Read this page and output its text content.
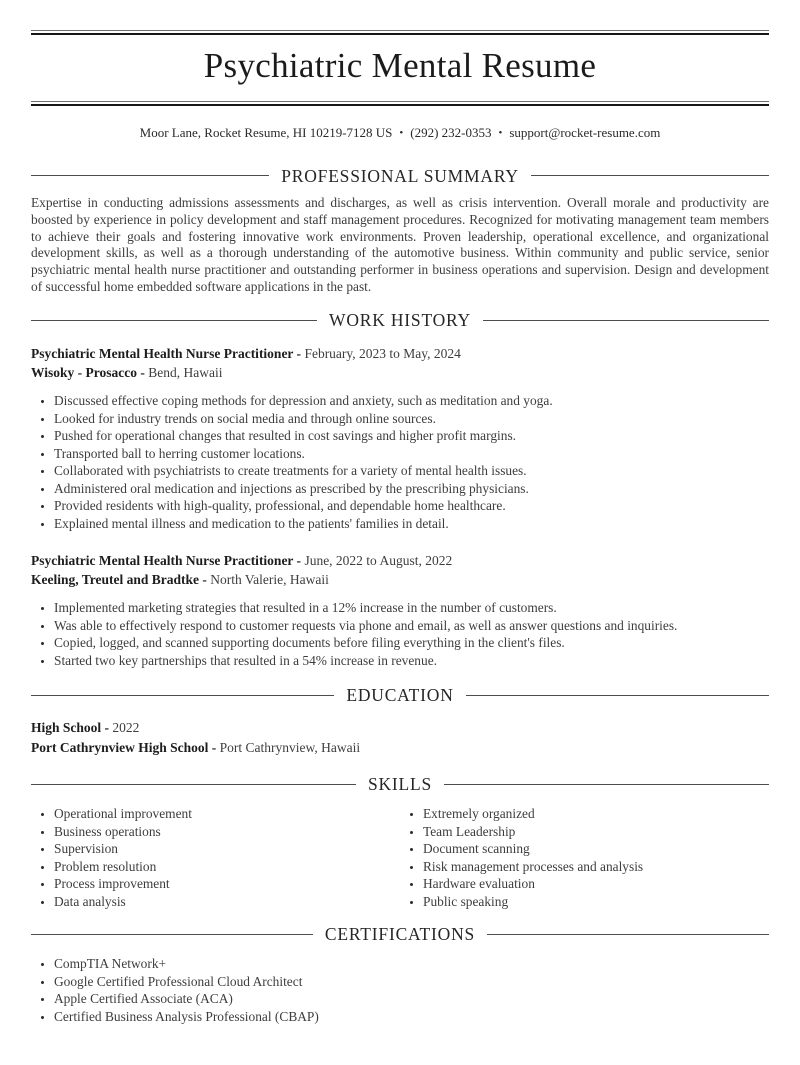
Psychiatric Mental Resume

Moor Lane, Rocket Resume, HI 10219-7128 US • (292) 232-0353 • support@rocket-resume.com

PROFESSIONAL SUMMARY

Expertise in conducting admissions assessments and discharges, as well as crisis intervention. Overall morale and productivity are boosted by experience in policy development and staff management procedures. Recognized for motivating management team members to achieve their goals and fostering innovative work environments. Proven leadership, operational excellence, and organizational development skills, as well as a thorough understanding of the automotive business. Within community and public service, senior psychiatric mental health nurse practitioner and outstanding performer in business operations and supervision. Design and development of successful home embedded software applications in the past.

WORK HISTORY

Psychiatric Mental Health Nurse Practitioner - February, 2023 to May, 2024

Wisoky - Prosacco - Bend, Hawaii

• Discussed effective coping methods for depression and anxiety, such as meditation and yoga.
• Looked for industry trends on social media and through online sources.
• Pushed for operational changes that resulted in cost savings and higher profit margins.
• Transported ball to herring customer locations.
• Collaborated with psychiatrists to create treatments for a variety of mental health issues.
• Administered oral medication and injections as prescribed by the prescribing physicians.
• Provided residents with high-quality, professional, and dependable home healthcare.
• Explained mental illness and medication to the patients' families in detail.

Psychiatric Mental Health Nurse Practitioner - June, 2022 to August, 2022

Keeling, Treutel and Bradtke - North Valerie, Hawaii

• Implemented marketing strategies that resulted in a 12% increase in the number of customers.
• Was able to effectively respond to customer requests via phone and email, as well as answer questions and inquiries.
• Copied, logged, and scanned supporting documents before filing everything in the client's files.
• Started two key partnerships that resulted in a 54% increase in revenue.
EDUCATION

High School - 2022

Port Cathrynview High School - Port Cathrynview, Hawaii

SKILLS
• Operational improvement
• Business operations
• Supervision
• Problem resolution
• Process improvement
• Data analysis
• Extremely organized
• Team Leadership
• Document scanning
• Risk management processes and analysis
• Hardware evaluation
• Public speaking
CERTIFICATIONS
• CompTIA Network+
• Google Certified Professional Cloud Architect
• Apple Certified Associate (ACA)
• Certified Business Analysis Professional (CBAP)
